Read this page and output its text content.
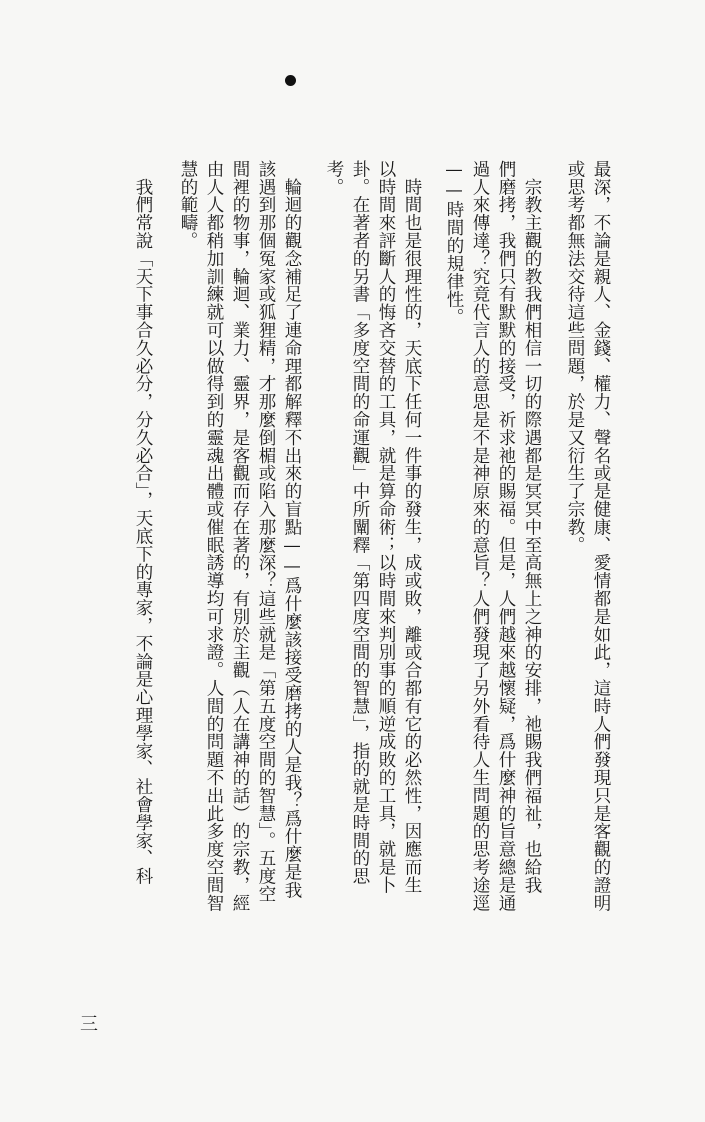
最深，不論是親人、金錢、權力、聲名或是健康、愛情都是如此，這時人們發現只是客觀的證明
或思考都無法交待這些問題，於是又衍生了宗教。
　宗教主觀的教我們相信一切的際遇都是冥冥中至高無上之神的安排，祂賜我們福祉，也給我
們磨拷，我們只有默默的接受，祈求祂的賜福。但是，人們越來越懷疑，爲什麼神的旨意總是通
過人來傳達？究竟代言人的意思是不是神原來的意旨？人們發現了另外看待人生問題的思考途逕
——時間的規律性。
　時間也是很理性的，天底下任何一件事的發生，成或敗，離或合都有它的必然性，因應而生
以時間來評斷人的悔吝交替的工具，就是算命術；以時間來判別事的順逆成敗的工具，就是卜
卦。在著者的另書「多度空間的命運觀」中所闡釋「第四度空間的智慧」，指的就是時間的思
考。
　輪迴的觀念補足了連命理都解釋不出來的盲點——爲什麼該接受磨拷的人是我？爲什麼是我
該遇到那個冤家或狐狸精，才那麼倒楣或陷入那麼深？這些就是「第五度空間的智慧」。五度空
間裡的物事，輪迴、業力、靈界，是客觀而存在著的，有別於主觀（人在講神的話）的宗教，經
由人人都稍加訓練就可以做得到的靈魂出體或催眠誘導均可求證。人間的問題不出此多度空間智
慧的範疇。
　我們常說「天下事合久必分，分久必合」，天底下的專家，不論是心理學家、社會學家、科
三
